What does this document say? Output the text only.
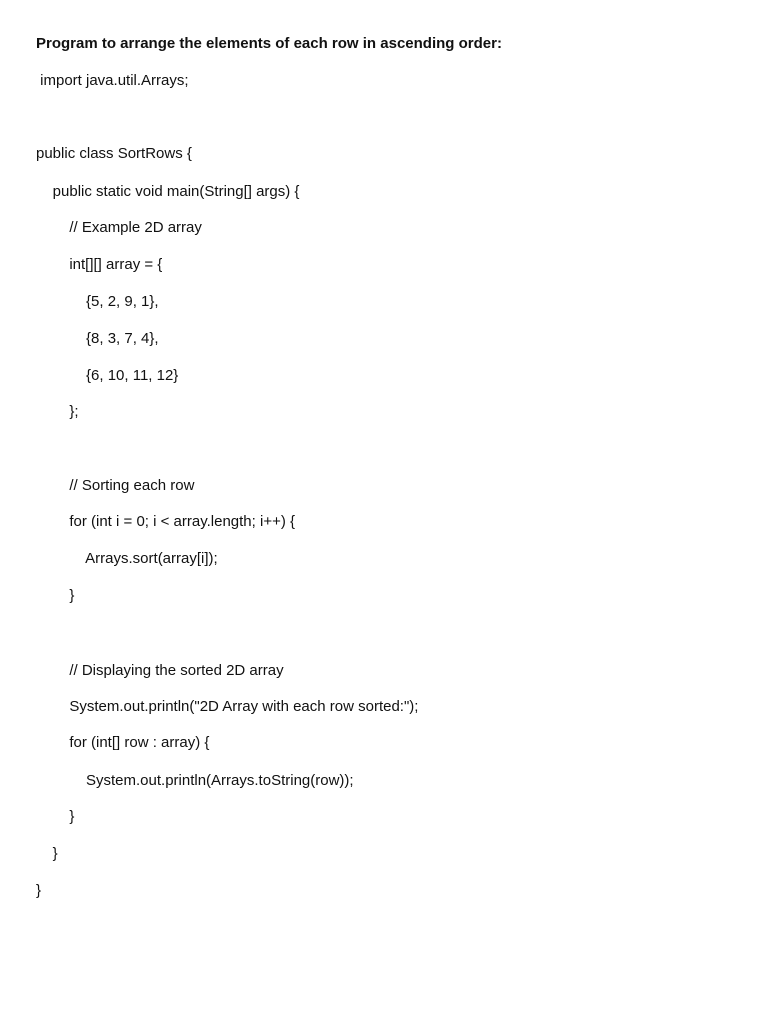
Program to arrange the elements of each row in ascending order:
import java.util.Arrays;
public class SortRows {
public static void main(String[] args) {
// Example 2D array
int[][] array = {
{5, 2, 9, 1},
{8, 3, 7, 4},
{6, 10, 11, 12}
};
// Sorting each row
for (int i = 0; i < array.length; i++) {
Arrays.sort(array[i]);
}
// Displaying the sorted 2D array
System.out.println("2D Array with each row sorted:");
for (int[] row : array) {
System.out.println(Arrays.toString(row));
}
}
}
